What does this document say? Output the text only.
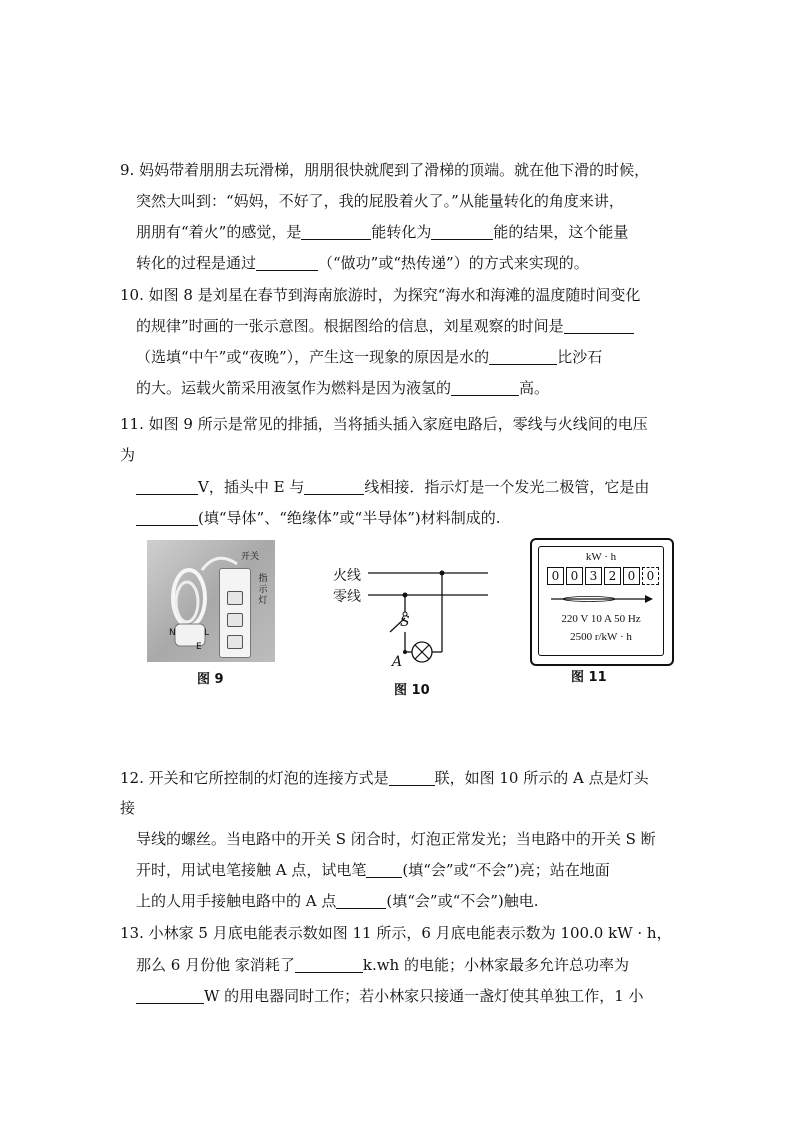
9. 妈妈带着朋朋去玩滑梯，朋朋很快就爬到了滑梯的顶端。就在他下滑的时候，
突然大叫到：“妈妈，不好了，我的屁股着火了。”从能量转化的角度来讲，
朋朋有“着火”的感觉，是	能转化为	能的结果，这个能量
转化的过程是通过	（“做功”或“热传递”）的方式来实现的。
10. 如图 8 是刘星在春节到海南旅游时，为探究“海水和海滩的温度随时间变化
的规律”时画的一张示意图。根据图给的信息，刘星观察的时间是
（选填“中午”或“夜晚”），产生这一现象的原因是水的	比沙石
的大。运载火箭采用液氢作为燃料是因为液氢的	高。
11. 如图 9 所示是常见的排插，当将插头插入家庭电路后，零线与火线间的电压
为
V，插头中 E 与	线相接．指示灯是一个发光二极管，它是由
(填“导体”、“绝缘体”或“半导体”)材料制成的.
N	L
E
开关
指
示
灯
图 9
火线
零线
S
A
图 10
kW · h
0 0 3 2 0 0
220 V 10 A 50 Hz
2500 r/kW · h
图 11
12. 开关和它所控制的灯泡的连接方式是	联，如图 10 所示的 A 点是灯头
接
导线的螺丝。当电路中的开关 S 闭合时，灯泡正常发光；当电路中的开关 S 断
开时，用试电笔接触 A 点，试电笔 (填“会”或“不会”)亮；站在地面
上的人用手接触电路中的 A 点	(填“会”或“不会”)触电.
13. 小林家 5 月底电能表示数如图 11 所示，6 月底电能表示数为 100.0 kW · h，
那么 6 月份他 家消耗了	k.wh 的电能；小林家最多允许总功率为
W 的用电器同时工作；若小林家只接通一盏灯使其单独工作，1 小
